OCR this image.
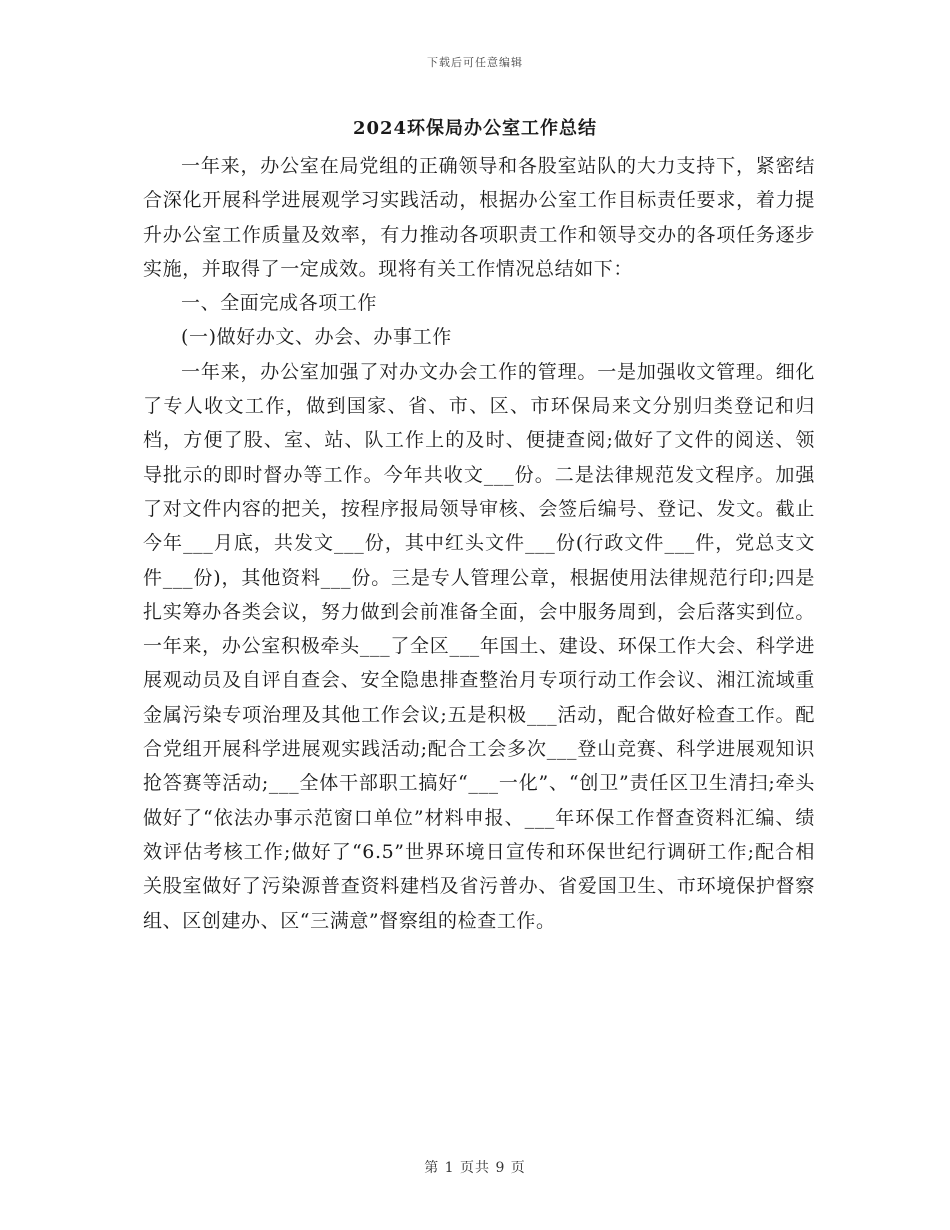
下载后可任意编辑
2024环保局办公室工作总结

一年来，办公室在局党组的正确领导和各股室站队的大力支持下，紧密结合深化开展科学进展观学习实践活动，根据办公室工作目标责任要求，着力提升办公室工作质量及效率，有力推动各项职责工作和领导交办的各项任务逐步实施，并取得了一定成效。现将有关工作情况总结如下：

一、全面完成各项工作

(一)做好办文、办会、办事工作

一年来，办公室加强了对办文办会工作的管理。一是加强收文管理。细化了专人收文工作，做到国家、省、市、区、市环保局来文分别归类登记和归档，方便了股、室、站、队工作上的及时、便捷查阅;做好了文件的阅送、领导批示的即时督办等工作。今年共收文___份。二是法律规范发文程序。加强了对文件内容的把关，按程序报局领导审核、会签后编号、登记、发文。截止今年___月底，共发文___份，其中红头文件___份(行政文件___件，党总支文件___份)，其他资料___份。三是专人管理公章，根据使用法律规范行印;四是扎实筹办各类会议，努力做到会前准备全面，会中服务周到，会后落实到位。一年来，办公室积极牵头___了全区___年国土、建设、环保工作大会、科学进展观动员及自评自查会、安全隐患排查整治月专项行动工作会议、湘江流域重金属污染专项治理及其他工作会议;五是积极___活动，配合做好检查工作。配合党组开展科学进展观实践活动;配合工会多次___登山竞赛、科学进展观知识抢答赛等活动;___全体干部职工搞好“___一化”、“创卫”责任区卫生清扫;牵头做好了“依法办事示范窗口单位”材料申报、___年环保工作督查资料汇编、绩效评估考核工作;做好了“6.5”世界环境日宣传和环保世纪行调研工作;配合相关股室做好了污染源普查资料建档及省污普办、省爱国卫生、市环境保护督察组、区创建办、区“三满意”督察组的检查工作。

第 1 页共 9 页
